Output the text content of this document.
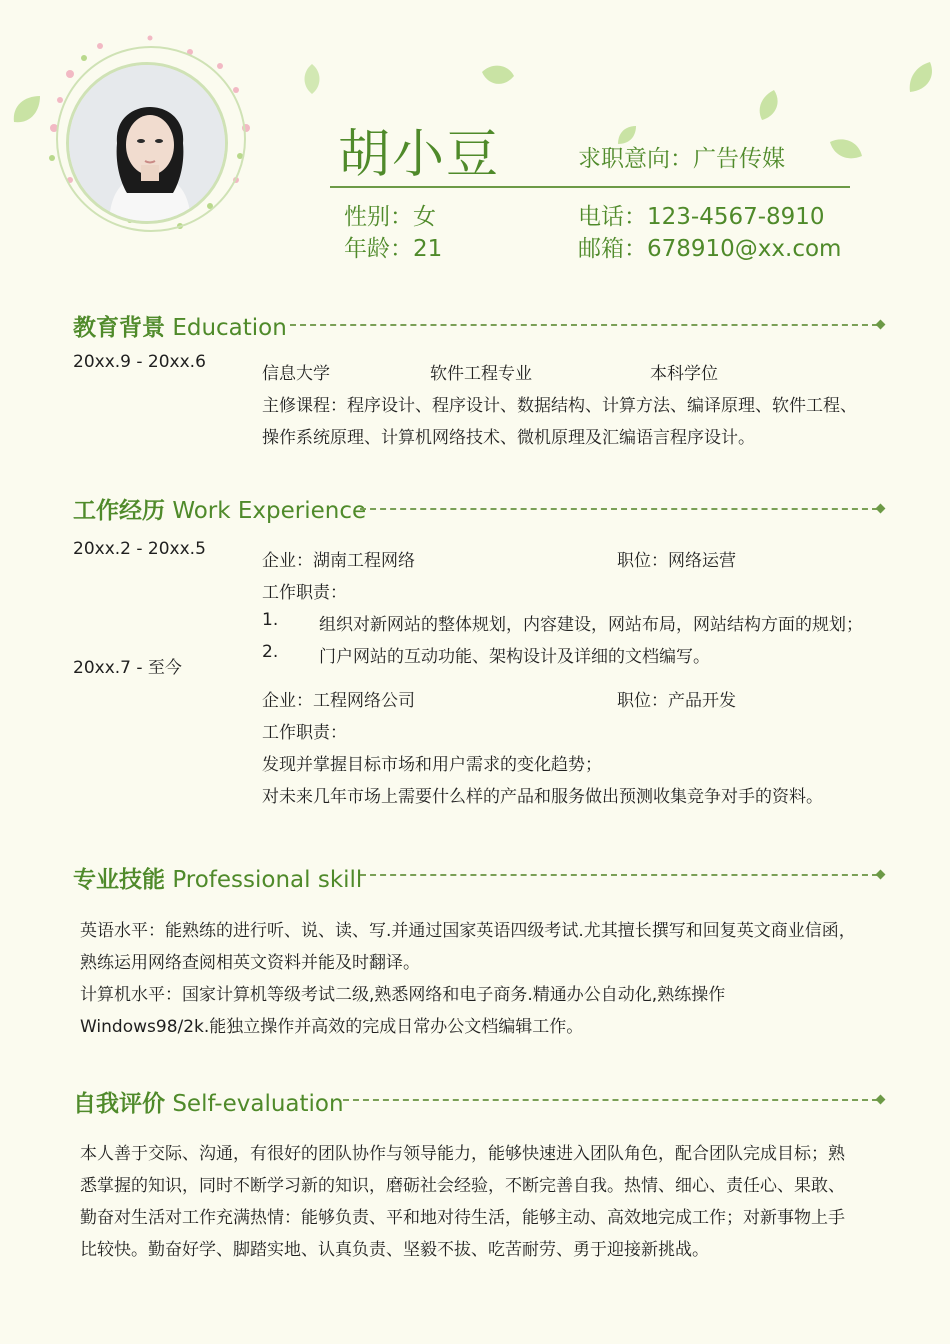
胡小豆	求职意向：广告传媒
性别：女
年龄：21
电话：123-4567-8910
邮箱：678910@xx.com
教育背景 Education
20xx.9 - 20xx.6
信息大学	软件工程专业	本科学位
主修课程：程序设计、程序设计、数据结构、计算方法、编译原理、软件工程、
操作系统原理、计算机网络技术、微机原理及汇编语言程序设计。
工作经历 Work Experience
20xx.2 - 20xx.5
企业：湖南工程网络	职位：网络运营
工作职责：
1. 组织对新网站的整体规划，内容建设，网站布局，网站结构方面的规划；
2. 门户网站的互动功能、架构设计及详细的文档编写。
20xx.7 - 至今
企业：工程网络公司	职位：产品开发
工作职责：
发现并掌握目标市场和用户需求的变化趋势；
对未来几年市场上需要什么样的产品和服务做出预测收集竞争对手的资料。
专业技能 Professional skill
英语水平：能熟练的进行听、说、读、写.并通过国家英语四级考试.尤其擅长撰写和回复英文商业信函，
熟练运用网络查阅相英文资料并能及时翻译。
计算机水平：国家计算机等级考试二级,熟悉网络和电子商务.精通办公自动化,熟练操作
Windows98/2k.能独立操作并高效的完成日常办公文档编辑工作。
自我评价 Self-evaluation
本人善于交际、沟通，有很好的团队协作与领导能力，能够快速进入团队角色，配合团队完成目标；熟
悉掌握的知识，同时不断学习新的知识，磨砺社会经验，不断完善自我。热情、细心、责任心、果敢、
勤奋对生活对工作充满热情：能够负责、平和地对待生活，能够主动、高效地完成工作；对新事物上手
比较快。勤奋好学、脚踏实地、认真负责、坚毅不拔、吃苦耐劳、勇于迎接新挑战。
